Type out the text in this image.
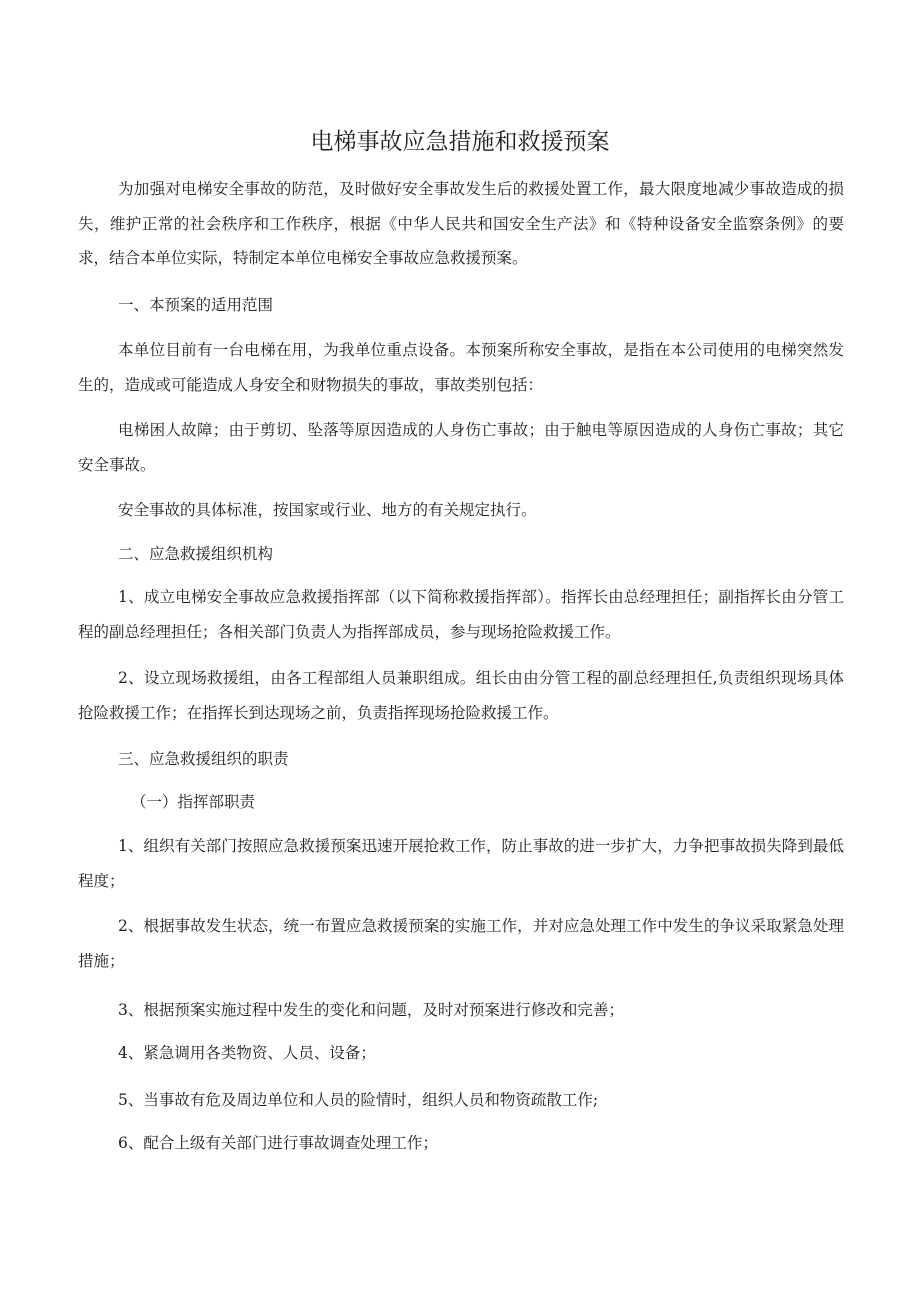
电梯事故应急措施和救援预案

为加强对电梯安全事故的防范，及时做好安全事故发生后的救援处置工作，最大限度地减少事故造成的损失，维护正常的社会秩序和工作秩序，根据《中华人民共和国安全生产法》和《特种设备安全监察条例》的要求，结合本单位实际，特制定本单位电梯安全事故应急救援预案。

一、本预案的适用范围

本单位目前有一台电梯在用，为我单位重点设备。本预案所称安全事故，是指在本公司使用的电梯突然发生的，造成或可能造成人身安全和财物损失的事故，事故类别包括：

电梯困人故障；由于剪切、坠落等原因造成的人身伤亡事故；由于触电等原因造成的人身伤亡事故；其它安全事故。

安全事故的具体标准，按国家或行业、地方的有关规定执行。

二、应急救援组织机构

1、成立电梯安全事故应急救援指挥部（以下简称救援指挥部）。指挥长由总经理担任；副指挥长由分管工程的副总经理担任；各相关部门负责人为指挥部成员，参与现场抢险救援工作。

2、设立现场救援组，由各工程部组人员兼职组成。组长由由分管工程的副总经理担任,负责组织现场具体抢险救援工作；在指挥长到达现场之前，负责指挥现场抢险救援工作。

三、应急救援组织的职责

（一）指挥部职责

1、组织有关部门按照应急救援预案迅速开展抢救工作，防止事故的进一步扩大，力争把事故损失降到最低程度；

2、根据事故发生状态，统一布置应急救援预案的实施工作，并对应急处理工作中发生的争议采取紧急处理措施；

3、根据预案实施过程中发生的变化和问题，及时对预案进行修改和完善；

4、紧急调用各类物资、人员、设备；

5、当事故有危及周边单位和人员的险情时，组织人员和物资疏散工作;

6、配合上级有关部门进行事故调查处理工作；
